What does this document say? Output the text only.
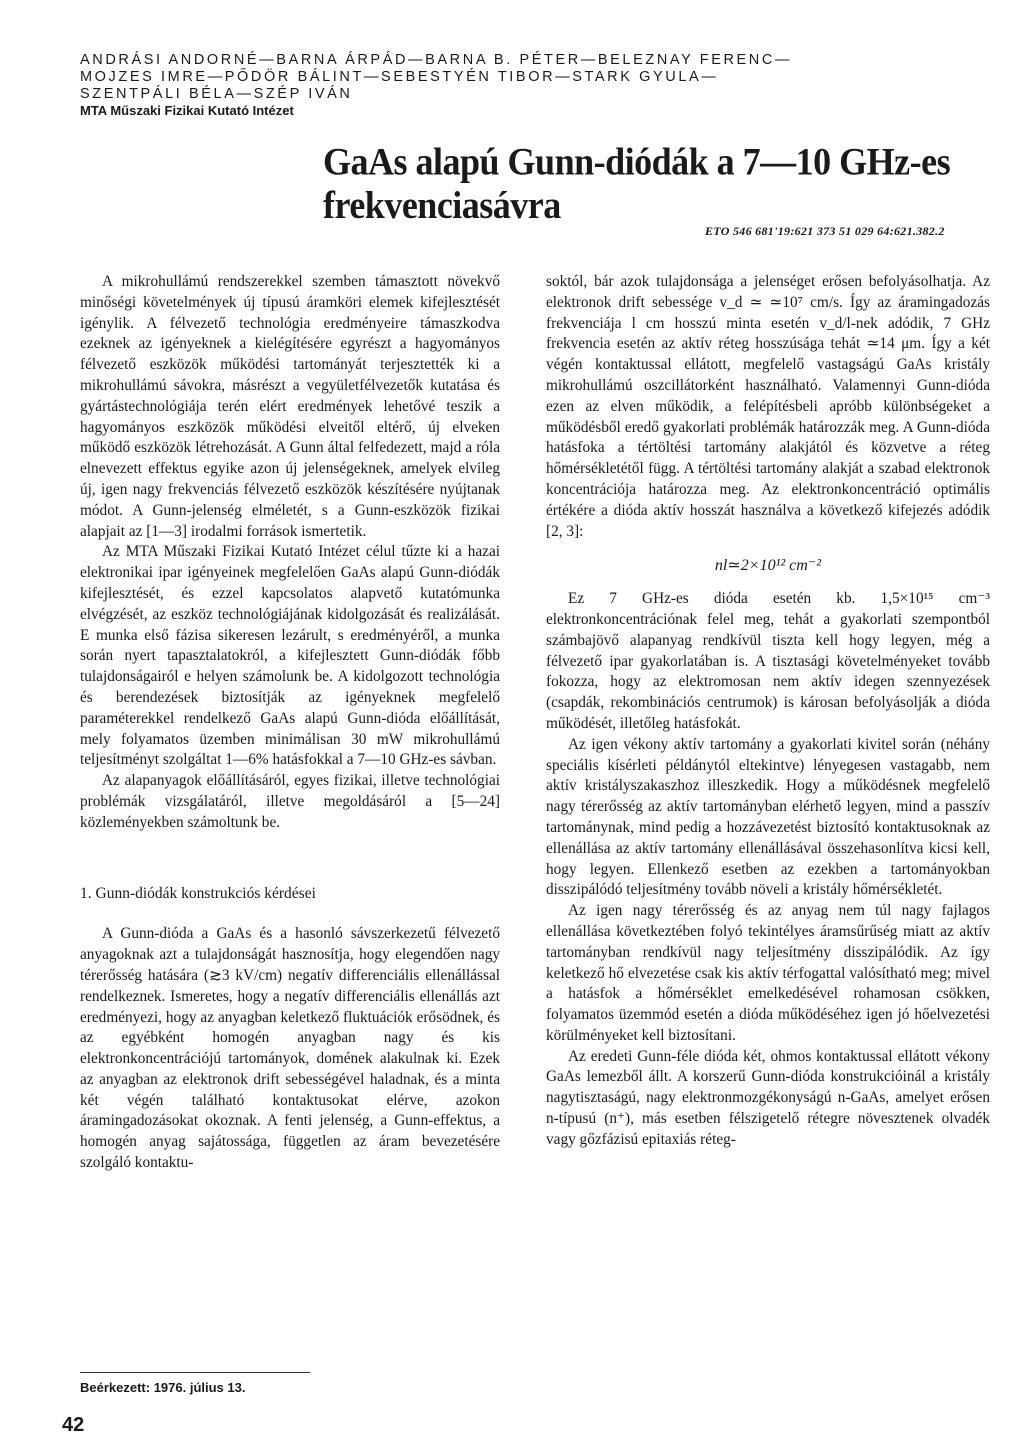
ANDRÁSI ANDORNÉ—BARNA ÁRPÁD—BARNA B. PÉTER—BELEZNAY FERENC—
MOJZES IMRE—PŐDÖR BÁLINT—SEBESTYÉN TIBOR—STARK GYULA—
SZENTPÁLI BÉLA—SZÉP IVÁN
MTA Műszaki Fizikai Kutató Intézet
GaAs alapú Gunn-diódák a 7—10 GHz-es
frekvenciasávra
ETO 546 681'19:621 373 51 029 64:621.382.2

A mikrohullámú rendszerekkel szemben támasztott növekvő minőségi követelmények új típusú áramköri elemek kifejlesztését igénylik. A félvezető technológia eredményeire támaszkodva ezeknek az igényeknek a kielégítésére egyrészt a hagyományos félvezető eszközök működési tartományát terjesztették ki a mikrohullámú sávokra, másrészt a vegyületfélvezetők kutatása és gyártástechnológiája terén elért eredmények lehetővé teszik a hagyományos eszközök működési elveitől eltérő, új elveken működő eszközök létrehozását. A Gunn által felfedezett, majd a róla elnevezett effektus egyike azon új jelenségeknek, amelyek elvileg új, igen nagy frekvenciás félvezető eszközök készítésére nyújtanak módot. A Gunn-jelenség elméletét, s a Gunn-eszközök fizikai alapjait az [1—3] irodalmi források ismertetik.

Az MTA Műszaki Fizikai Kutató Intézet célul tűzte ki a hazai elektronikai ipar igényeinek megfelelően GaAs alapú Gunn-diódák kifejlesztését, és ezzel kapcsolatos alapvető kutatómunka elvégzését, az eszköz technológiájának kidolgozását és realizálását. E munka első fázisa sikeresen lezárult, s eredményéről, a munka során nyert tapasztalatokról, a kifejlesztett Gunn-diódák főbb tulajdonságairól e helyen számolunk be. A kidolgozott technológia és berendezések biztosítják az igényeknek megfelelő paraméterekkel rendelkező GaAs alapú Gunn-dióda előállítását, mely folyamatos üzemben minimálisan 30 mW mikrohullámú teljesítményt szolgáltat 1—6% hatásfokkal a 7—10 GHz-es sávban.

Az alapanyagok előállításáról, egyes fizikai, illetve technológiai problémák vizsgálatáról, illetve megoldásáról a [5—24] közleményekben számoltunk be.

1. Gunn-diódák konstrukciós kérdései

A Gunn-dióda a GaAs és a hasonló sávszerkezetű félvezető anyagoknak azt a tulajdonságát hasznosítja, hogy elegendően nagy térerősség hatására (≳3 kV/cm) negatív differenciális ellenállással rendelkeznek. Ismeretes, hogy a negatív differenciális ellenállás azt eredményezi, hogy az anyagban keletkező fluktuációk erősödnek, és az egyébként homogén anyagban nagy és kis elektronkoncentrációjú tartományok, domének alakulnak ki. Ezek az anyagban az elektronok drift sebességével haladnak, és a minta két végén található kontaktusokat elérve, azokon áramingadozásokat okoznak. A fenti jelenség, a Gunn-effektus, a homogén anyag sajátossága, független az áram bevezetésére szolgáló kontaktu-

soktól, bár azok tulajdonsága a jelenséget erősen befolyásolhatja. Az elektronok drift sebessége v_d ≃ ≃10⁷ cm/s. Így az áramingadozás frekvenciája l cm hosszú minta esetén v_d/l-nek adódik, 7 GHz frekvencia esetén az aktív réteg hosszúsága tehát ≃14 μm. Így a két végén kontaktussal ellátott, megfelelő vastagságú GaAs kristály mikrohullámú oszcillátorként használható. Valamennyi Gunn-dióda ezen az elven működik, a felépítésbeli apróbb különbségeket a működésből eredő gyakorlati problémák határozzák meg. A Gunn-dióda hatásfoka a tértöltési tartomány alakjától és közvetve a réteg hőmérsékletétől függ. A tértöltési tartomány alakját a szabad elektronok koncentrációja határozza meg. Az elektronkoncentráció optimális értékére a dióda aktív hosszát használva a következő kifejezés adódik [2, 3]:

nl≃2×10¹² cm⁻²

Ez 7 GHz-es dióda esetén kb. 1,5×10¹⁵ cm⁻³ elektronkoncentrációnak felel meg, tehát a gyakorlati szempontból számbajövő alapanyag rendkívül tiszta kell hogy legyen, még a félvezető ipar gyakorlatában is. A tisztasági követelményeket tovább fokozza, hogy az elektromosan nem aktív idegen szennyezések (csapdák, rekombinációs centrumok) is károsan befolyásolják a dióda működését, illetőleg hatásfokát.

Az igen vékony aktív tartomány a gyakorlati kivitel során (néhány speciális kísérleti példánytól eltekintve) lényegesen vastagabb, nem aktív kristályszakaszhoz illeszkedik. Hogy a működésnek megfelelő nagy térerősség az aktív tartományban elérhető legyen, mind a passzív tartománynak, mind pedig a hozzávezetést biztosító kontaktusoknak az ellenállása az aktív tartomány ellenállásával összehasonlítva kicsi kell, hogy legyen. Ellenkező esetben az ezekben a tartományokban disszipálódó teljesítmény tovább növeli a kristály hőmérsékletét.

Az igen nagy térerősség és az anyag nem túl nagy fajlagos ellenállása következtében folyó tekintélyes áramsűrűség miatt az aktív tartományban rendkívül nagy teljesítmény disszipálódik. Az így keletkező hő elvezetése csak kis aktív térfogattal valósítható meg; mivel a hatásfok a hőmérséklet emelkedésével rohamosan csökken, folyamatos üzemmód esetén a dióda működéséhez igen jó hőelvezetési körülményeket kell biztosítani.

Az eredeti Gunn-féle dióda két, ohmos kontaktussal ellátott vékony GaAs lemezből állt. A korszerű Gunn-dióda konstrukcióinál a kristály nagytisztaságú, nagy elektronmozgékonyságú n-GaAs, amelyet erősen n-típusú (n⁺), más esetben félszigetelő rétegre növesztenek olvadék vagy gőzfázisú epitaxiás réteg-

Beérkezett: 1976. július 13.
42
